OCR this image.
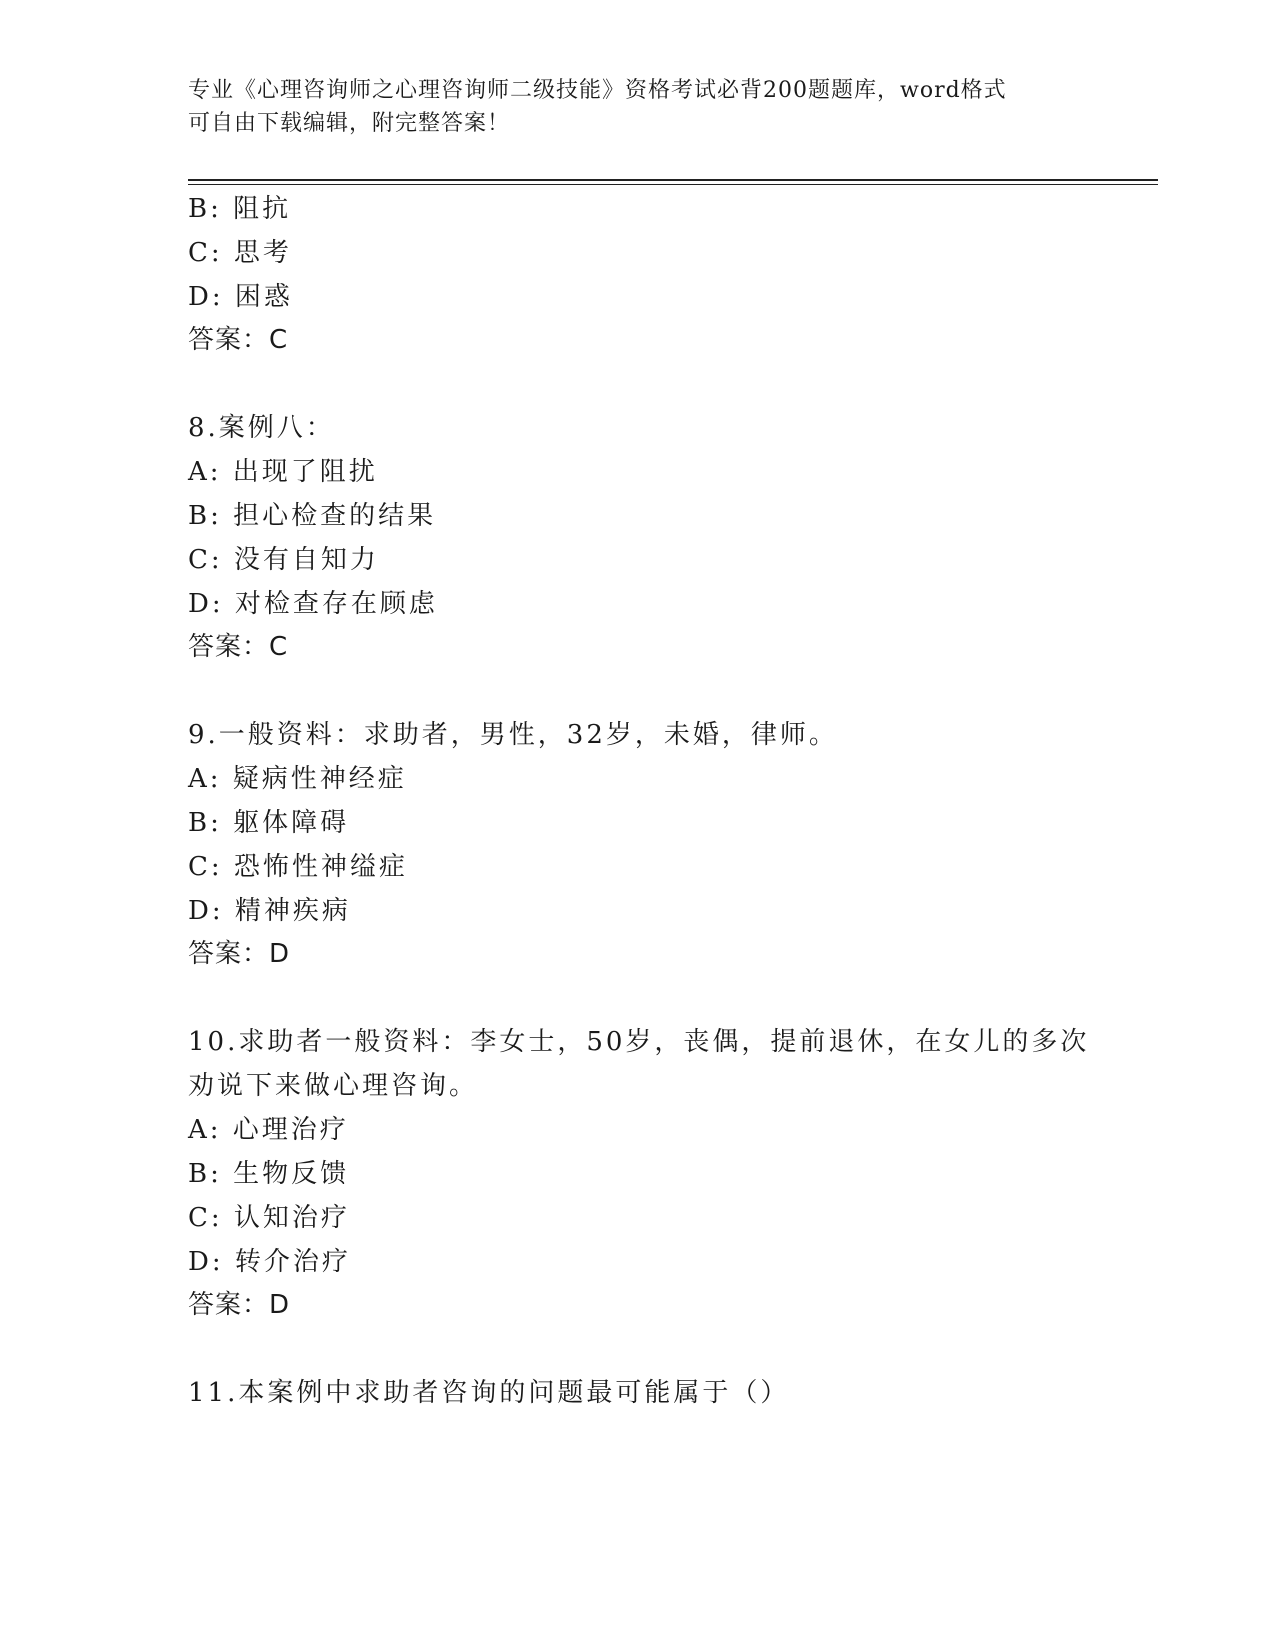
专业《心理咨询师之心理咨询师二级技能》资格考试必背200题题库，word格式
可自由下载编辑，附完整答案！
B: 阻抗
C: 思考
D: 困惑
答案：C
8.案例八：
A: 出现了阻扰
B: 担心检查的结果
C: 没有自知力
D: 对检查存在顾虑
答案：C
9.一般资料：求助者，男性，32岁，未婚，律师。
A: 疑病性神经症
B: 躯体障碍
C: 恐怖性神缢症
D: 精神疾病
答案：D
10.求助者一般资料：李女士，50岁，丧偶，提前退休，在女儿的多次
劝说下来做心理咨询。
A: 心理治疗
B: 生物反馈
C: 认知治疗
D: 转介治疗
答案：D
11.本案例中求助者咨询的问题最可能属于（）
